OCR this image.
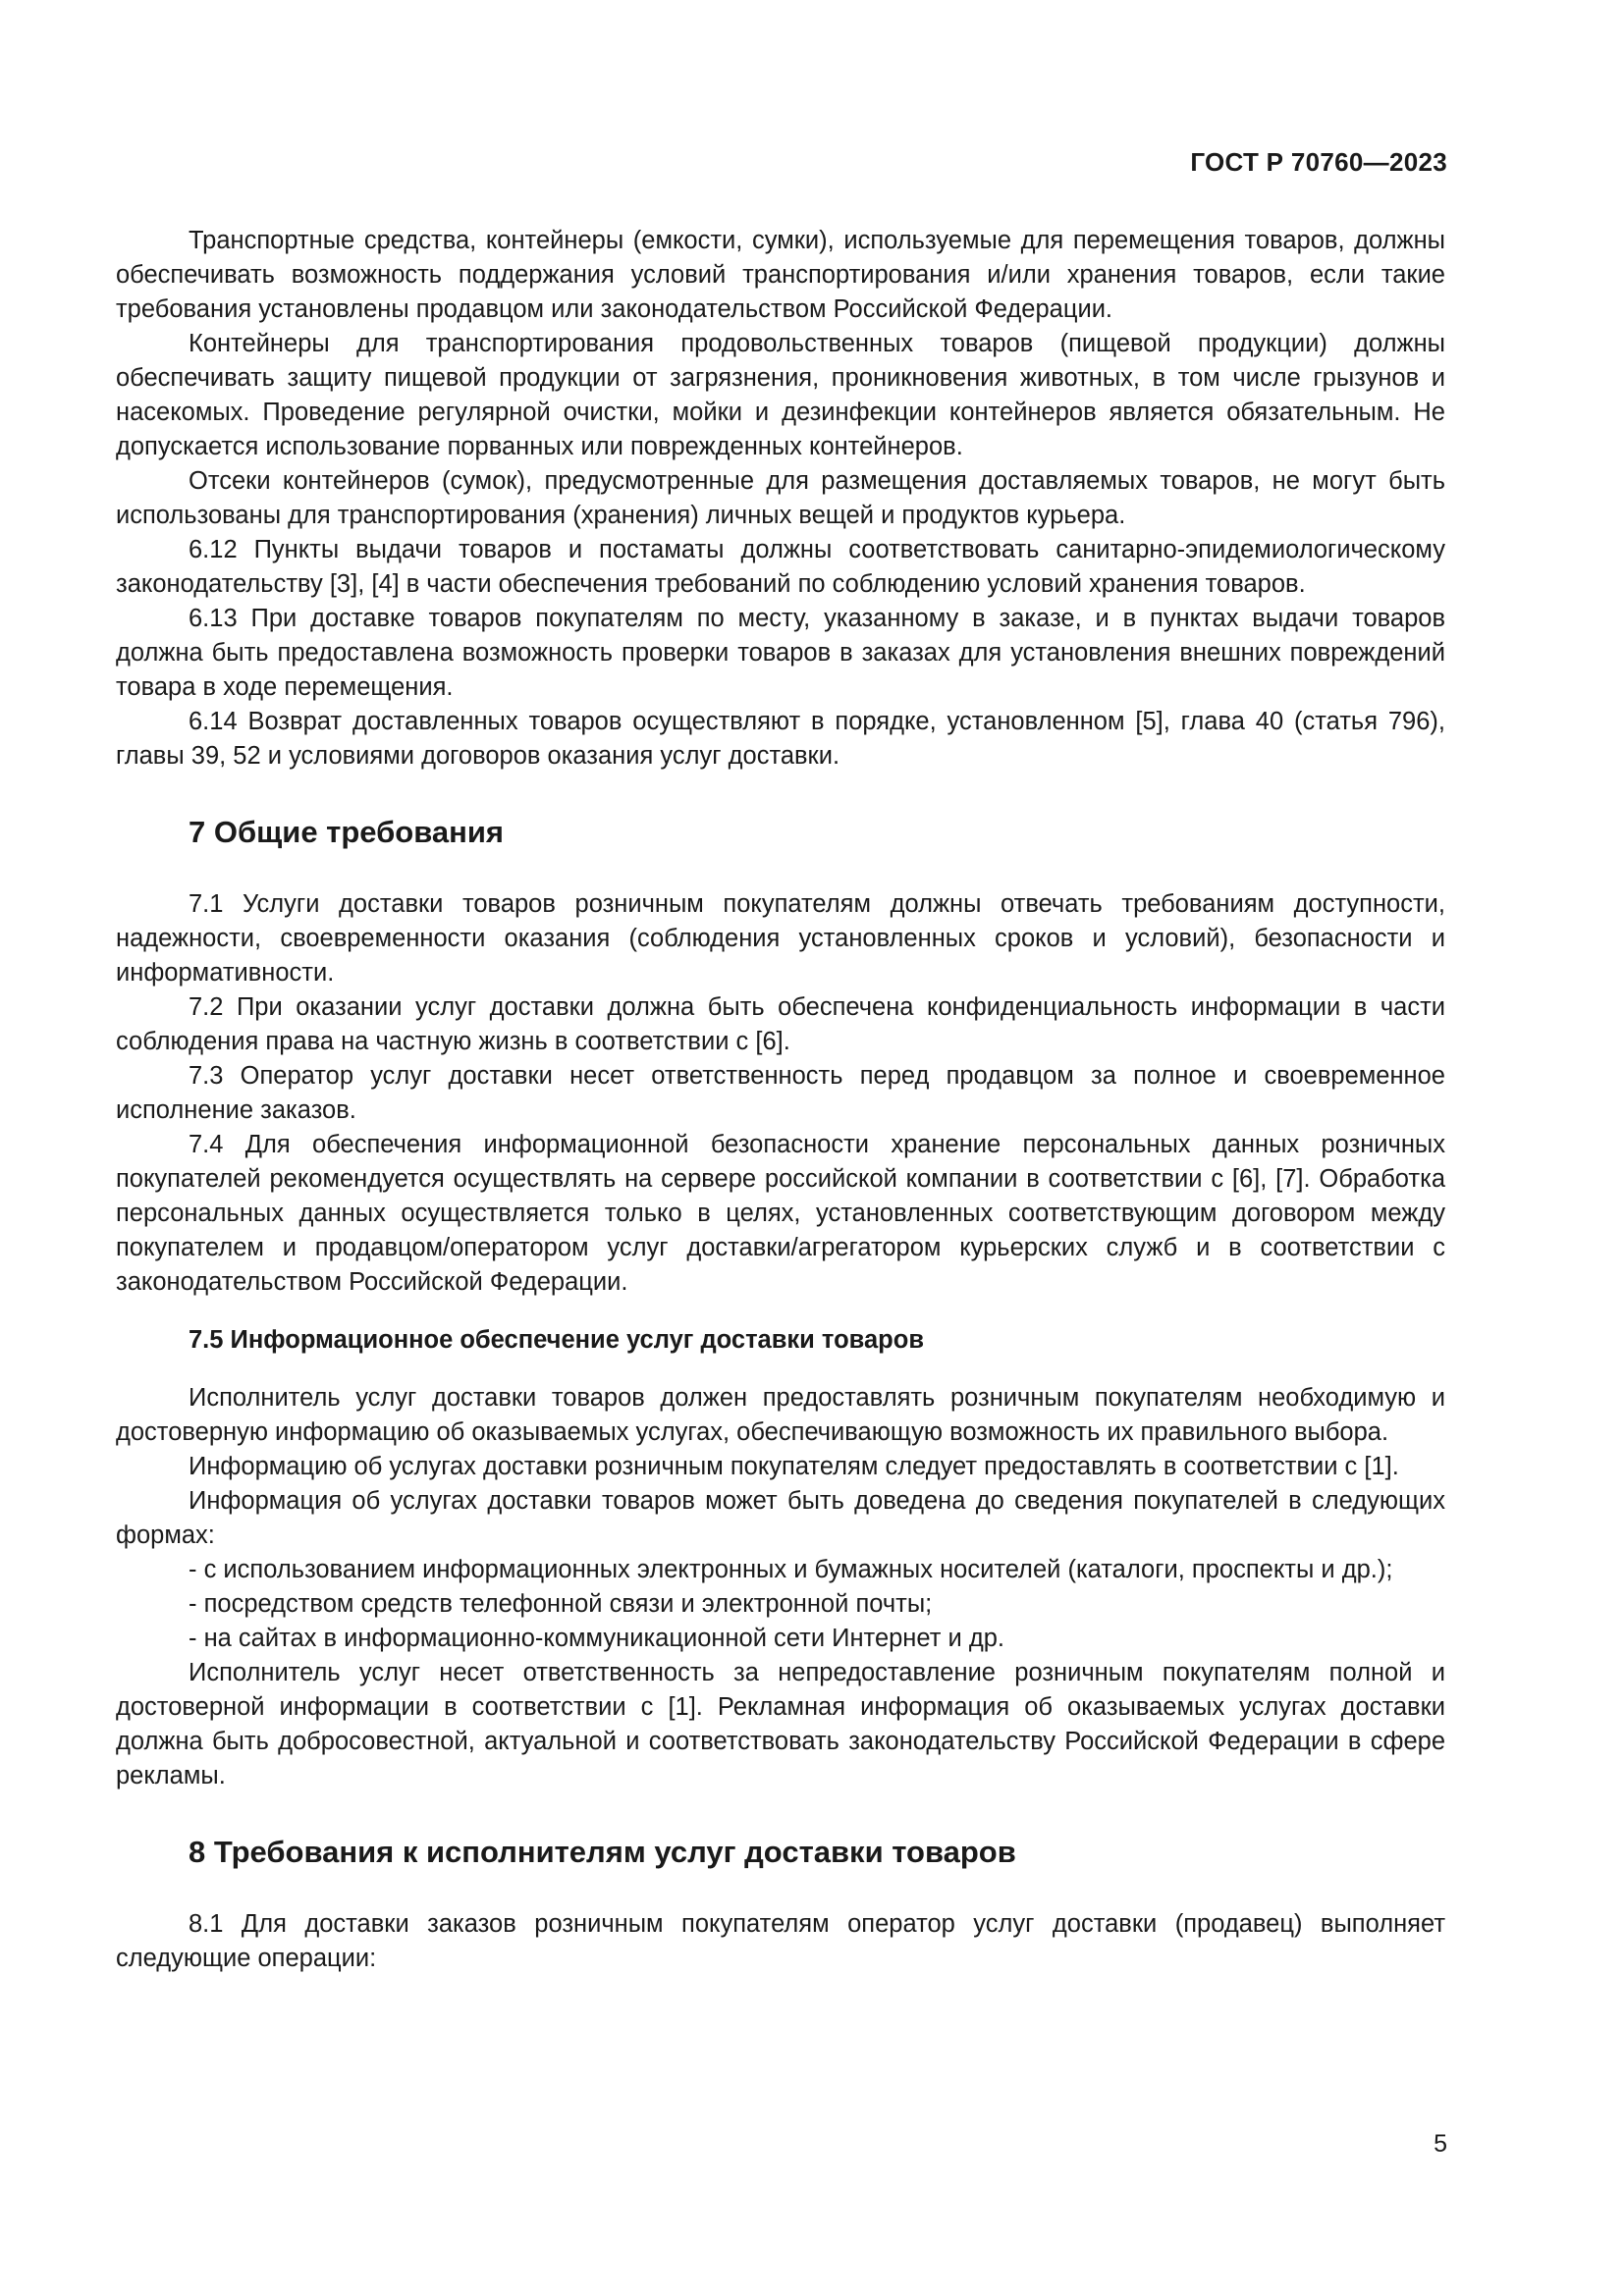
ГОСТ Р 70760—2023

Транспортные средства, контейнеры (емкости, сумки), используемые для перемещения товаров, должны обеспечивать возможность поддержания условий транспортирования и/или хранения товаров, если такие требования установлены продавцом или законодательством Российской Федерации.

Контейнеры для транспортирования продовольственных товаров (пищевой продукции) должны обеспечивать защиту пищевой продукции от загрязнения, проникновения животных, в том числе грызунов и насекомых. Проведение регулярной очистки, мойки и дезинфекции контейнеров является обязательным. Не допускается использование порванных или поврежденных контейнеров.

Отсеки контейнеров (сумок), предусмотренные для размещения доставляемых товаров, не могут быть использованы для транспортирования (хранения) личных вещей и продуктов курьера.

6.12 Пункты выдачи товаров и постаматы должны соответствовать санитарно-эпидемиологическому законодательству [3], [4] в части обеспечения требований по соблюдению условий хранения товаров.

6.13 При доставке товаров покупателям по месту, указанному в заказе, и в пунктах выдачи товаров должна быть предоставлена возможность проверки товаров в заказах для установления внешних повреждений товара в ходе перемещения.

6.14 Возврат доставленных товаров осуществляют в порядке, установленном [5], глава 40 (статья 796), главы 39, 52 и условиями договоров оказания услуг доставки.

7 Общие требования

7.1 Услуги доставки товаров розничным покупателям должны отвечать требованиям доступности, надежности, своевременности оказания (соблюдения установленных сроков и условий), безопасности и информативности.

7.2 При оказании услуг доставки должна быть обеспечена конфиденциальность информации в части соблюдения права на частную жизнь в соответствии с [6].

7.3 Оператор услуг доставки несет ответственность перед продавцом за полное и своевременное исполнение заказов.

7.4 Для обеспечения информационной безопасности хранение персональных данных розничных покупателей рекомендуется осуществлять на сервере российской компании в соответствии с [6], [7]. Обработка персональных данных осуществляется только в целях, установленных соответствующим договором между покупателем и продавцом/оператором услуг доставки/агрегатором курьерских служб и в соответствии с законодательством Российской Федерации.

7.5 Информационное обеспечение услуг доставки товаров

Исполнитель услуг доставки товаров должен предоставлять розничным покупателям необходимую и достоверную информацию об оказываемых услугах, обеспечивающую возможность их правильного выбора.

Информацию об услугах доставки розничным покупателям следует предоставлять в соответствии с [1].

Информация об услугах доставки товаров может быть доведена до сведения покупателей в следующих формах:

- с использованием информационных электронных и бумажных носителей (каталоги, проспекты и др.);

- посредством средств телефонной связи и электронной почты;

- на сайтах в информационно-коммуникационной сети Интернет и др.

Исполнитель услуг несет ответственность за непредоставление розничным покупателям полной и достоверной информации в соответствии с [1]. Рекламная информация об оказываемых услугах доставки должна быть добросовестной, актуальной и соответствовать законодательству Российской Федерации в сфере рекламы.

8 Требования к исполнителям услуг доставки товаров

8.1 Для доставки заказов розничным покупателям оператор услуг доставки (продавец) выполняет следующие операции:

5
